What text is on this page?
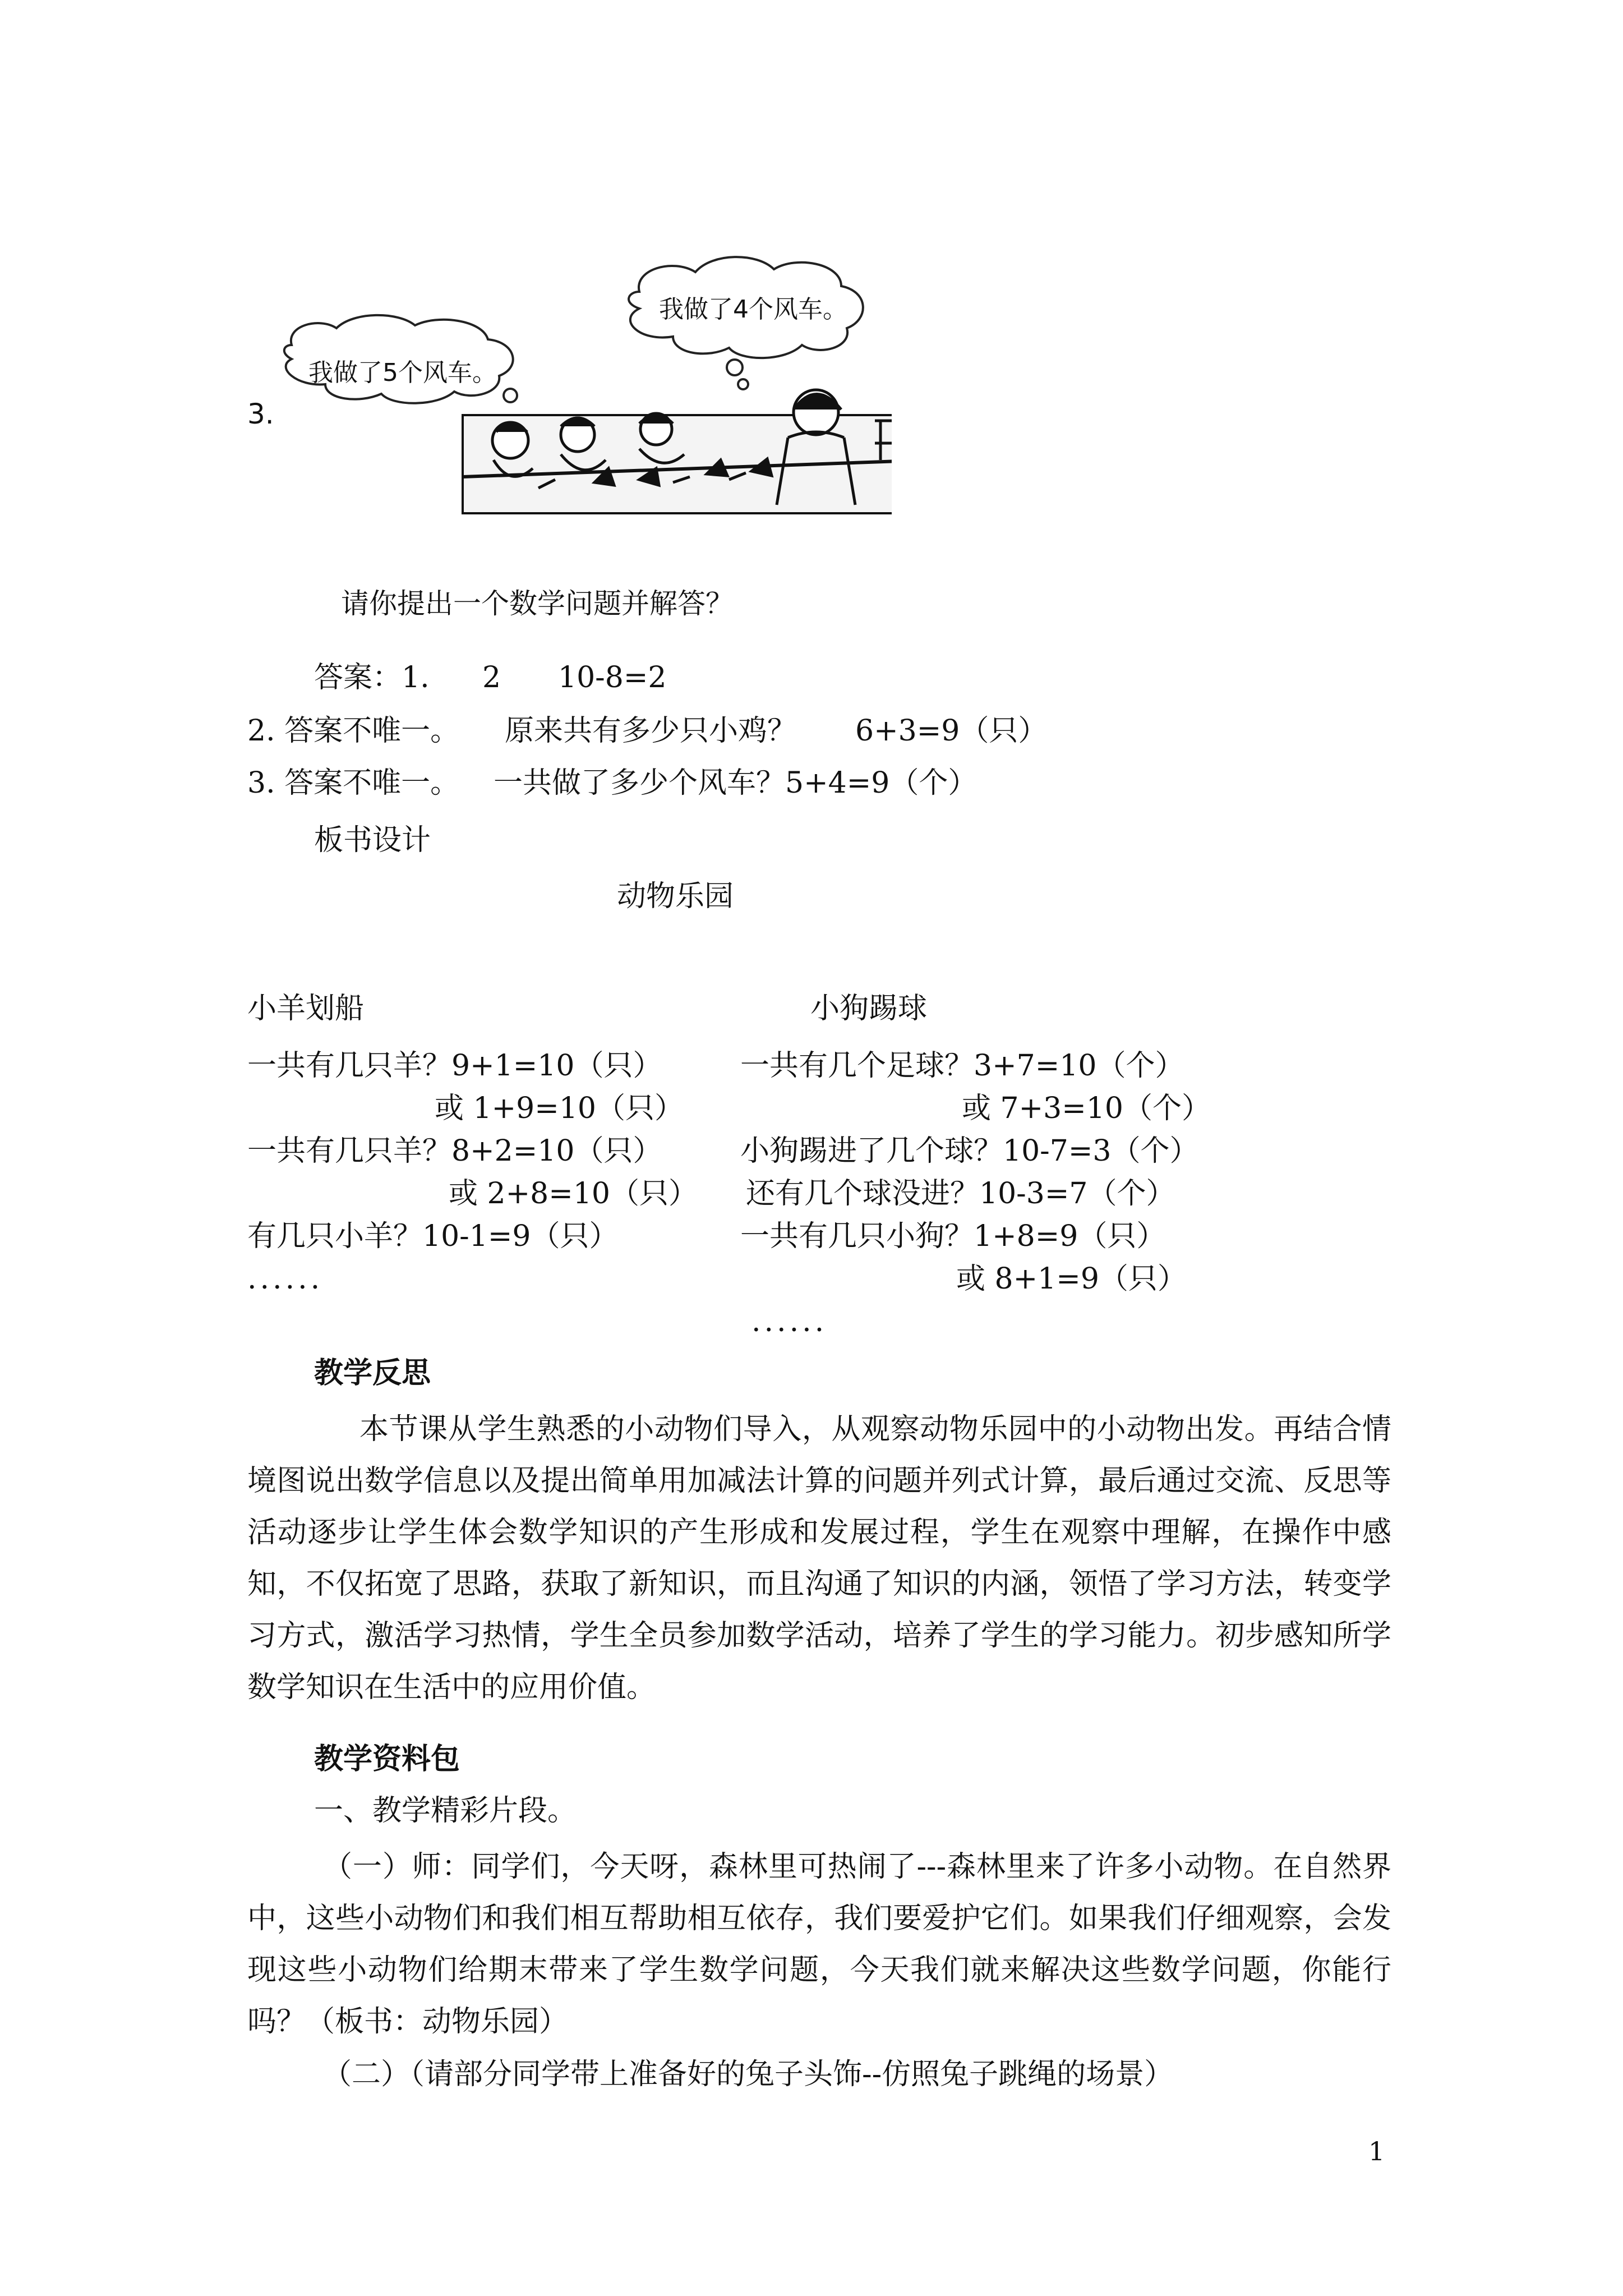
3.
我做了5个风车。
我做了4个风车。
请你提出一个数学问题并解答？
答案：1. 2 10-8=2
2. 答案不唯一。 原来共有多少只小鸡？ 6+3=9（只）
3. 答案不唯一。 一共做了多少个风车？5+4=9（个）
板书设计
动物乐园
小羊划船	小狗踢球
一共有几只羊？9+1=10（只）
或 1+9=10（只）
一共有几只羊？8+2=10（只）
或 2+8=10（只）
有几只小羊？10-1=9（只）
......
一共有几个足球？3+7=10（个）
或 7+3=10（个）
小狗踢进了几个球？10-7=3（个）
还有几个球没进？10-3=7（个）
一共有几只小狗？1+8=9（只）
或 8+1=9（只）
......
教学反思
本节课从学生熟悉的小动物们导入，从观察动物乐园中的小动物出发。再结合情境图说出数学信息以及提出简单用加减法计算的问题并列式计算，最后通过交流、反思等活动逐步让学生体会数学知识的产生形成和发展过程，学生在观察中理解，在操作中感知，不仅拓宽了思路，获取了新知识，而且沟通了知识的内涵，领悟了学习方法，转变学习方式，激活学习热情，学生全员参加数学活动，培养了学生的学习能力。初步感知所学数学知识在生活中的应用价值。
教学资料包
一、教学精彩片段。
（一）师：同学们，今天呀，森林里可热闹了---森林里来了许多小动物。在自然界中，这些小动物们和我们相互帮助相互依存，我们要爱护它们。如果我们仔细观察，会发现这些小动物们给期末带来了学生数学问题，今天我们就来解决这些数学问题，你能行吗？（板书：动物乐园）
（二）（请部分同学带上准备好的兔子头饰--仿照兔子跳绳的场景）
1
